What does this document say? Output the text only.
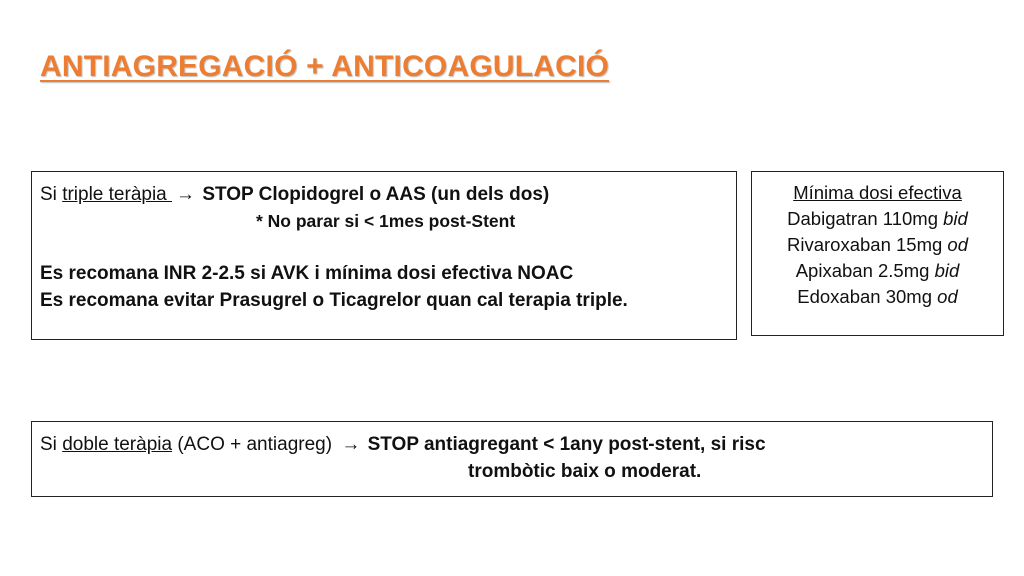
ANTIAGREGACIÓ + ANTICOAGULACIÓ
Si triple teràpia → STOP Clopidogrel o AAS (un dels dos)
* No parar si < 1mes post-Stent
Es recomana INR 2-2.5 si AVK i mínima dosi efectiva NOAC
Es recomana evitar Prasugrel o Ticagrelor quan cal terapia triple.
Mínima dosi efectiva
Dabigatran 110mg bid
Rivaroxaban 15mg od
Apixaban 2.5mg bid
Edoxaban 30mg od
Si doble teràpia (ACO + antiagreg) → STOP antiagregant < 1any post-stent, si risc
trombòtic baix o moderat.
